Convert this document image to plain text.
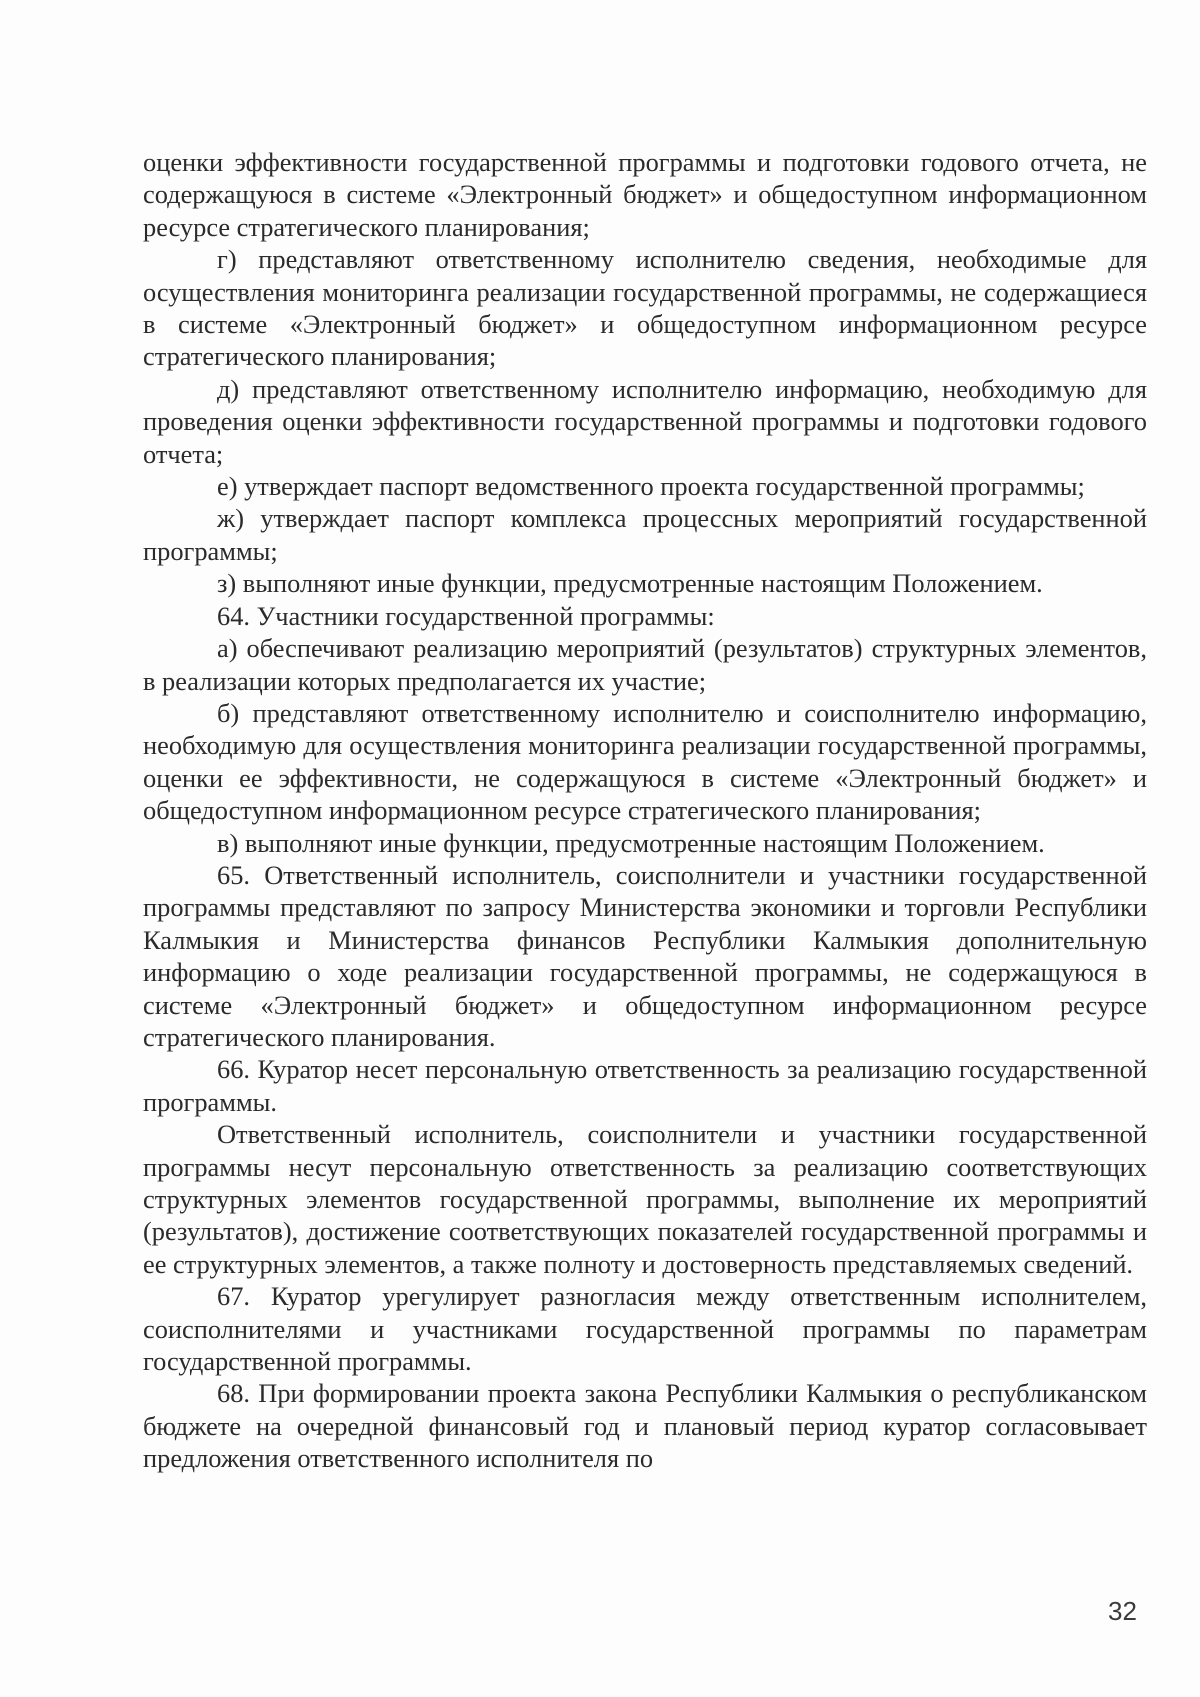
оценки эффективности государственной программы и подготовки годового отчета, не содержащуюся в системе «Электронный бюджет» и общедоступном информационном ресурсе стратегического планирования;

г) представляют ответственному исполнителю сведения, необходимые для осуществления мониторинга реализации государственной программы, не содержащиеся в системе «Электронный бюджет» и общедоступном информационном ресурсе стратегического планирования;

д) представляют ответственному исполнителю информацию, необходимую для проведения оценки эффективности государственной программы и подготовки годового отчета;

е) утверждает паспорт ведомственного проекта государственной программы;

ж) утверждает паспорт комплекса процессных мероприятий государственной программы;

з) выполняют иные функции, предусмотренные настоящим Положением.

64. Участники государственной программы:

а) обеспечивают реализацию мероприятий (результатов) структурных элементов, в реализации которых предполагается их участие;

б) представляют ответственному исполнителю и соисполнителю информацию, необходимую для осуществления мониторинга реализации государственной программы, оценки ее эффективности, не содержащуюся в системе «Электронный бюджет» и общедоступном информационном ресурсе стратегического планирования;

в) выполняют иные функции, предусмотренные настоящим Положением.

65. Ответственный исполнитель, соисполнители и участники государственной программы представляют по запросу Министерства экономики и торговли Республики Калмыкия и Министерства финансов Республики Калмыкия дополнительную информацию о ходе реализации государственной программы, не содержащуюся в системе «Электронный бюджет» и общедоступном информационном ресурсе стратегического планирования.

66. Куратор несет персональную ответственность за реализацию государственной программы.

Ответственный исполнитель, соисполнители и участники государственной программы несут персональную ответственность за реализацию соответствующих структурных элементов государственной программы, выполнение их мероприятий (результатов), достижение соответствующих показателей государственной программы и ее структурных элементов, а также полноту и достоверность представляемых сведений.

67. Куратор урегулирует разногласия между ответственным исполнителем, соисполнителями и участниками государственной программы по параметрам государственной программы.

68. При формировании проекта закона Республики Калмыкия о республиканском бюджете на очередной финансовый год и плановый период куратор согласовывает предложения ответственного исполнителя по

32
